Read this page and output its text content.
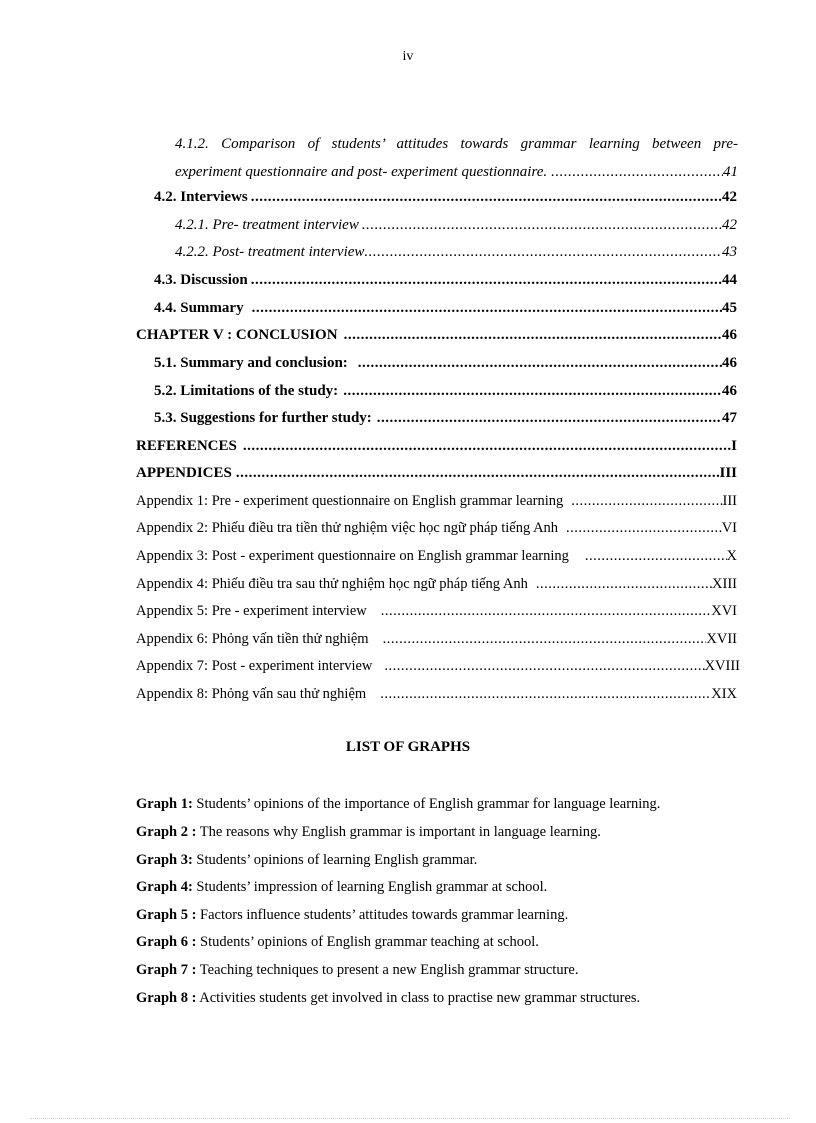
iv
4.1.2. Comparison of students’ attitudes towards grammar learning between pre-
experiment questionnaire and post- experiment questionnaire. .....	41
4.2. Interviews .....	42
4.2.1. Pre- treatment interview .....	42
4.2.2. Post- treatment interview .....	43
4.3. Discussion .....	44
4.4. Summary .....	45
CHAPTER V : CONCLUSION .....	46
5.1. Summary and conclusion: .....	46
5.2. Limitations of the study: .....	46
5.3. Suggestions for further study: .....	47
REFERENCES .....	I
APPENDICES .....	III
Appendix 1: Pre - experiment questionnaire on English grammar learning .....	III
Appendix 2: Phiếu điều tra tiền thử nghiệm việc học ngữ pháp tiếng Anh .....	VI
Appendix 3: Post - experiment questionnaire on English grammar learning .....	X
Appendix 4: Phiếu điều tra sau thử nghiệm học ngữ pháp tiếng Anh .....	XIII
Appendix 5: Pre - experiment interview .....	XVI
Appendix 6: Phỏng vấn tiền thử nghiệm .....	XVII
Appendix 7: Post - experiment interview .....	XVIII
Appendix 8: Phỏng vấn sau thử nghiệm .....	XIX
LIST OF GRAPHS
Graph 1: Students’ opinions of the importance of English grammar for language learning.
Graph 2 : The reasons why English grammar is important in language learning.
Graph 3: Students’ opinions of learning English grammar.
Graph 4: Students’ impression of learning English grammar at school.
Graph 5 : Factors influence students’ attitudes towards grammar learning.
Graph 6 : Students’ opinions of English grammar teaching at school.
Graph 7 : Teaching techniques to present a new English grammar structure.
Graph 8 : Activities students get involved in class to practise new grammar structures.
